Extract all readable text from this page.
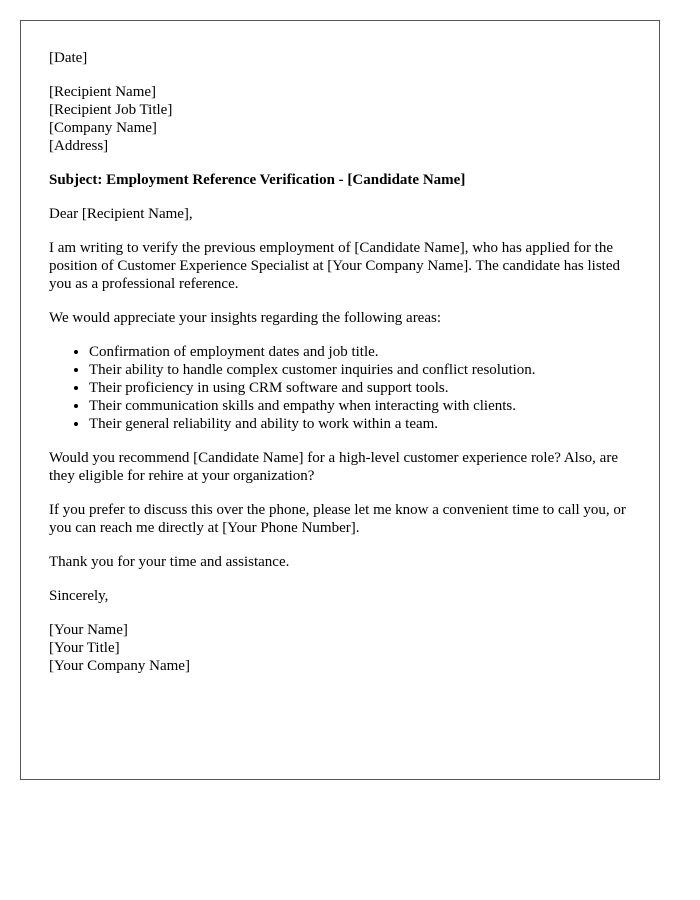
[Date]

[Recipient Name]
[Recipient Job Title]
[Company Name]
[Address]

Subject: Employment Reference Verification - [Candidate Name]

Dear [Recipient Name],

I am writing to verify the previous employment of [Candidate Name], who has applied for the position of Customer Experience Specialist at [Your Company Name]. The candidate has listed you as a professional reference.

We would appreciate your insights regarding the following areas:

• Confirmation of employment dates and job title.
• Their ability to handle complex customer inquiries and conflict resolution.
• Their proficiency in using CRM software and support tools.
• Their communication skills and empathy when interacting with clients.
• Their general reliability and ability to work within a team.

Would you recommend [Candidate Name] for a high-level customer experience role? Also, are they eligible for rehire at your organization?

If you prefer to discuss this over the phone, please let me know a convenient time to call you, or you can reach me directly at [Your Phone Number].

Thank you for your time and assistance.

Sincerely,

[Your Name]
[Your Title]
[Your Company Name]
